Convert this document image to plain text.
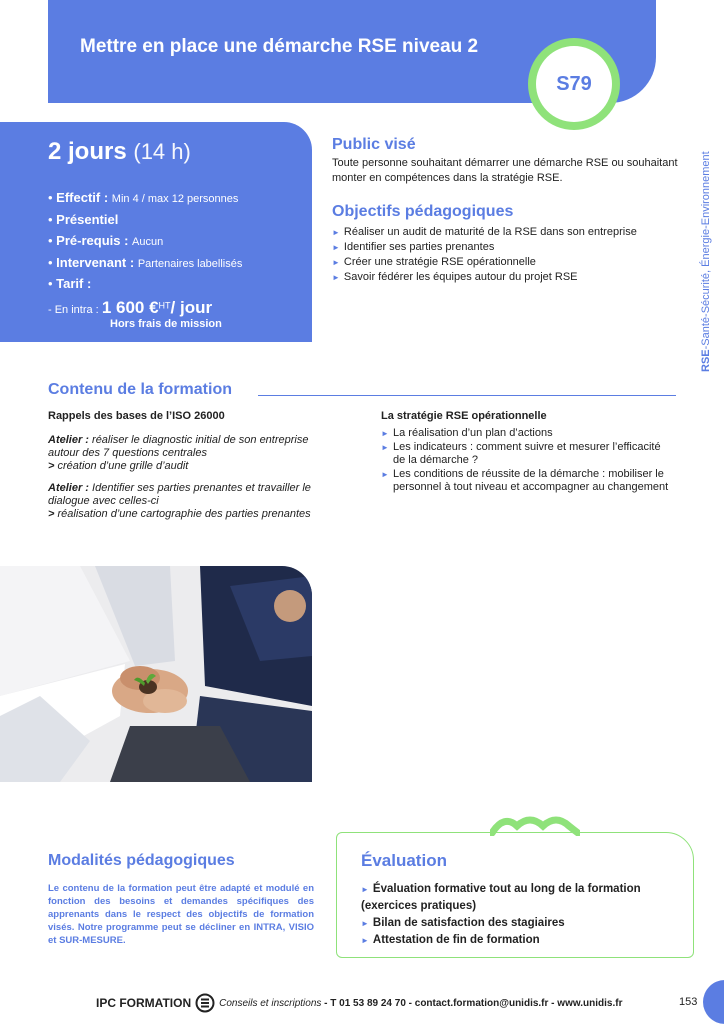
Mettre en place une démarche RSE niveau 2
S79
RSE-Santé-Sécurité, Énergie-Environnement
2 jours (14 h)
• Effectif : Min 4 / max 12 personnes
• Présentiel
• Pré-requis : Aucun
• Intervenant : Partenaires labellisés
• Tarif :
- En intra : 1 600 €$^{HT}$/ jour
Hors frais de mission
Public visé

Toute personne souhaitant démarrer une démarche RSE ou souhaitant monter en compétences dans la stratégie RSE.

Objectifs pédagogiques
► Réaliser un audit de maturité de la RSE dans son entreprise
► Identifier ses parties prenantes
► Créer une stratégie RSE opérationnelle
► Savoir fédérer les équipes autour du projet RSE
Contenu de la formation
Rappels des bases de l’ISO 26000

Atelier : réaliser le diagnostic initial de son entreprise autour des 7 questions centrales
> création d’une grille d’audit

Atelier : Identifier ses parties prenantes et travailler le dialogue avec celles-ci
> réalisation d’une cartographie des parties prenantes

La stratégie RSE opérationnelle
► La réalisation d’un plan d’actions
► Les indicateurs : comment suivre et mesurer l’efficacité de la démarche ?
► Les conditions de réussite de la démarche : mobiliser le personnel à tout niveau et accompagner au changement
Modalités pédagogiques

Le contenu de la formation peut être adapté et modulé en fonction des besoins et demandes spécifiques des apprenants dans le respect des objectifs de formation visés. Notre programme peut se décliner en INTRA, VISIO et SUR-MESURE.

Évaluation
► Évaluation formative tout au long de la formation (exercices pratiques)
► Bilan de satisfaction des stagiaires
► Attestation de fin de formation
IPC FORMATION	Conseils et inscriptions - T 01 53 89 24 70 - contact.formation@unidis.fr - www.unidis.fr	153
